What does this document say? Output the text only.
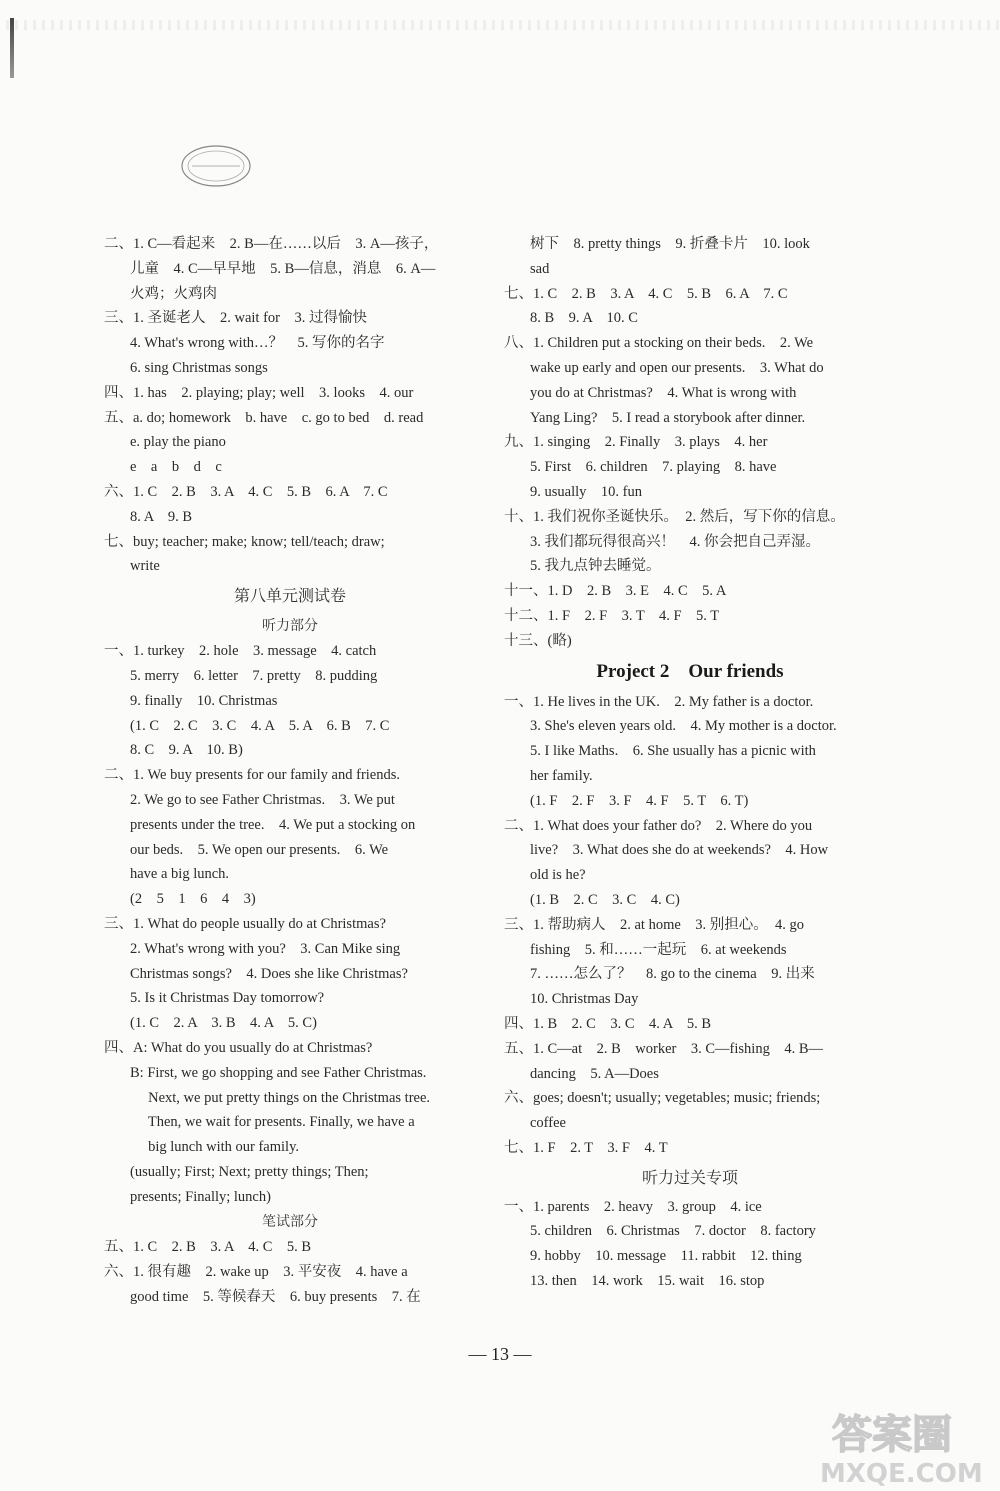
二、1. C—看起来　2. B—在……以后　3. A—孩子，
儿童　4. C—早早地　5. B—信息，消息　6. A—
火鸡；火鸡肉
三、1. 圣诞老人　2. wait for　3. 过得愉快
4. What's wrong with…？　5. 写你的名字
6. sing Christmas songs
四、1. has　2. playing; play; well　3. looks　4. our
五、a. do; homework　b. have　c. go to bed　d. read
e. play the piano
e　a　b　d　c
六、1. C　2. B　3. A　4. C　5. B　6. A　7. C
8. A　9. B
七、buy; teacher; make; know; tell/teach; draw;
write
第八单元测试卷
听力部分
一、1. turkey　2. hole　3. message　4. catch
5. merry　6. letter　7. pretty　8. pudding
9. finally　10. Christmas
(1. C　2. C　3. C　4. A　5. A　6. B　7. C
8. C　9. A　10. B)
二、1. We buy presents for our family and friends.
2. We go to see Father Christmas.　3. We put
presents under the tree.　4. We put a stocking on
our beds.　5. We open our presents.　6. We
have a big lunch.
(2　5　1　6　4　3)
三、1. What do people usually do at Christmas?
2. What's wrong with you?　3. Can Mike sing
Christmas songs?　4. Does she like Christmas?
5. Is it Christmas Day tomorrow?
(1. C　2. A　3. B　4. A　5. C)
四、A: What do you usually do at Christmas?
B: First, we go shopping and see Father Christmas.
　 Next, we put pretty things on the Christmas tree.
　 Then, we wait for presents. Finally, we have a
　 big lunch with our family.
(usually; First; Next; pretty things; Then;
presents; Finally; lunch)
笔试部分
五、1. C　2. B　3. A　4. C　5. B
六、1. 很有趣　2. wake up　3. 平安夜　4. have a
good time　5. 等候春天　6. buy presents　7. 在
树下　8. pretty things　9. 折叠卡片　10. look
sad
七、1. C　2. B　3. A　4. C　5. B　6. A　7. C
8. B　9. A　10. C
八、1. Children put a stocking on their beds.　2. We
wake up early and open our presents.　3. What do
you do at Christmas?　4. What is wrong with
Yang Ling?　5. I read a storybook after dinner.
九、1. singing　2. Finally　3. plays　4. her
5. First　6. children　7. playing　8. have
9. usually　10. fun
十、1. 我们祝你圣诞快乐。　2. 然后，写下你的信息。
3. 我们都玩得很高兴！　4. 你会把自己弄湿。
5. 我九点钟去睡觉。
十一、1. D　2. B　3. E　4. C　5. A
十二、1. F　2. F　3. T　4. F　5. T
十三、(略)
Project 2　Our friends
一、1. He lives in the UK.　2. My father is a doctor.
3. She's eleven years old.　4. My mother is a doctor.
5. I like Maths.　6. She usually has a picnic with
her family.
(1. F　2. F　3. F　4. F　5. T　6. T)
二、1. What does your father do?　2. Where do you
live?　3. What does she do at weekends?　4. How
old is he?
(1. B　2. C　3. C　4. C)
三、1. 帮助病人　2. at home　3. 别担心。　4. go
fishing　5. 和……一起玩　6. at weekends
7. ……怎么了？　8. go to the cinema　9. 出来
10. Christmas Day
四、1. B　2. C　3. C　4. A　5. B
五、1. C—at　2. B　worker　3. C—fishing　4. B—
dancing　5. A—Does
六、goes; doesn't; usually; vegetables; music; friends;
coffee
七、1. F　2. T　3. F　4. T
听力过关专项
一、1. parents　2. heavy　3. group　4. ice
5. children　6. Christmas　7. doctor　8. factory
9. hobby　10. message　11. rabbit　12. thing
13. then　14. work　15. wait　16. stop
— 13 —
答案圈
MXQE.COM
